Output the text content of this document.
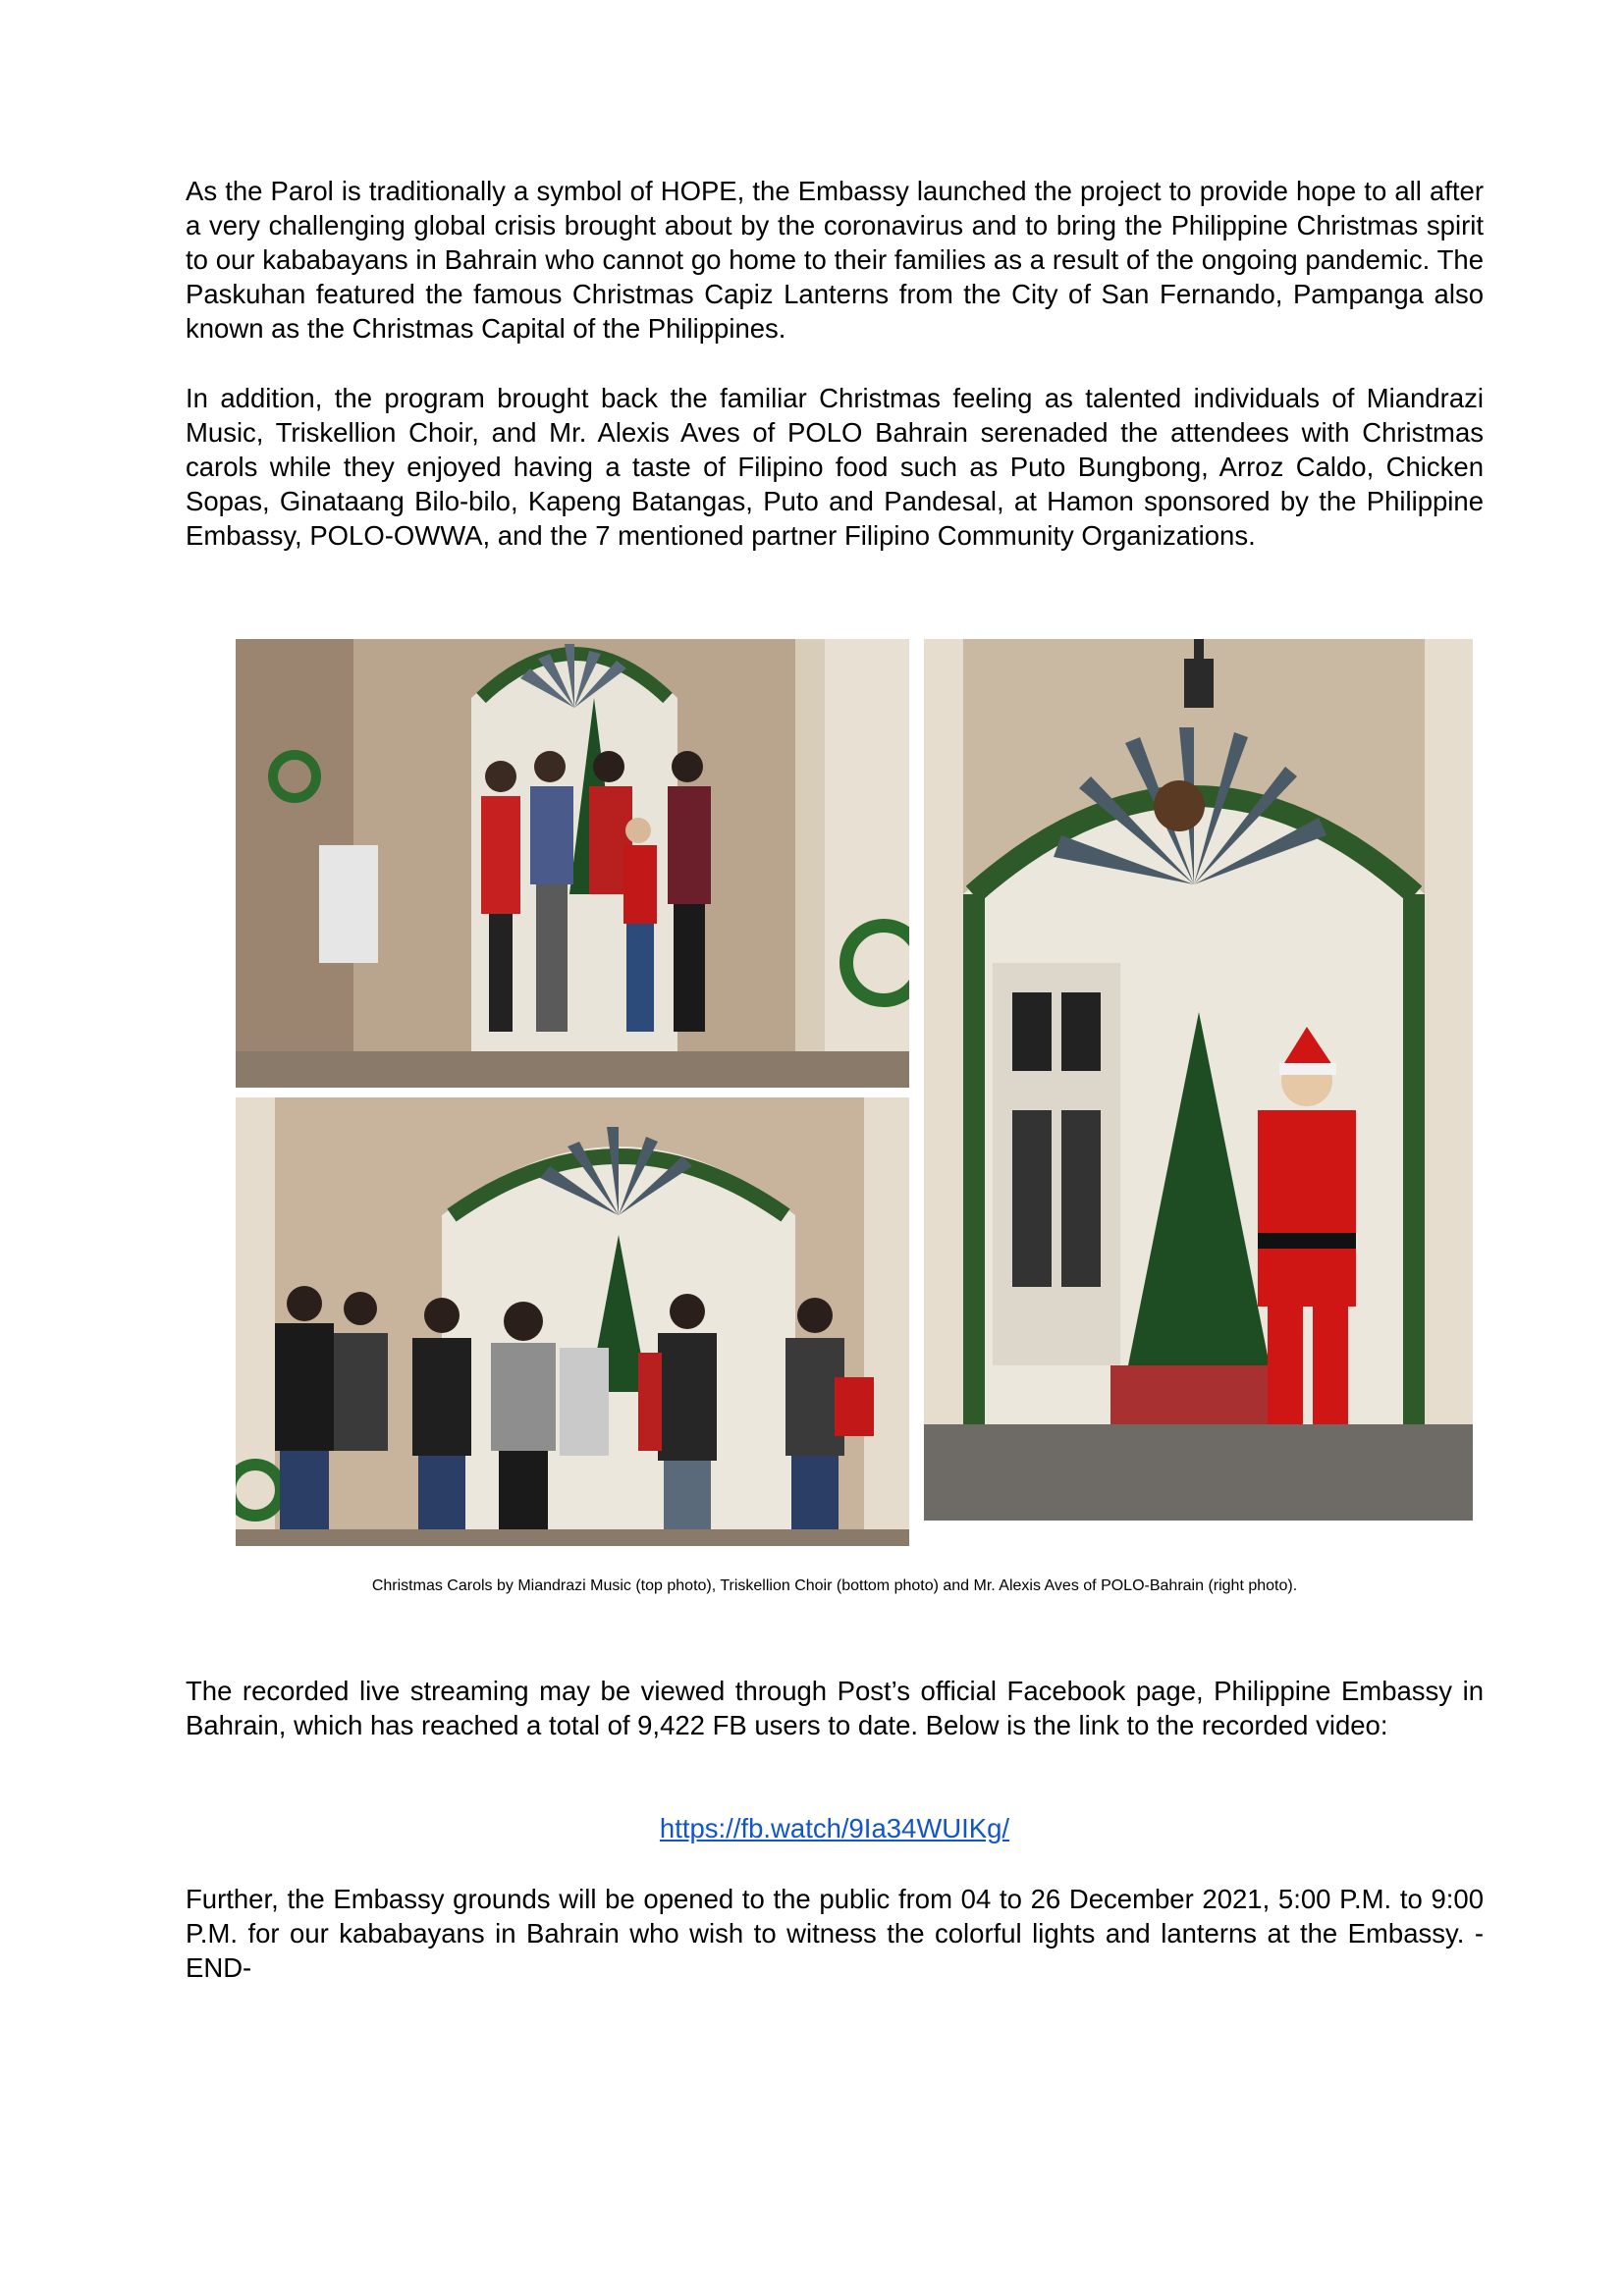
As the Parol is traditionally a symbol of HOPE, the Embassy launched the project to provide hope to all after a very challenging global crisis brought about by the coronavirus and to bring the Philippine Christmas spirit to our kababayans in Bahrain who cannot go home to their families as a result of the ongoing pandemic. The Paskuhan featured the famous Christmas Capiz Lanterns from the City of San Fernando, Pampanga also known as the Christmas Capital of the Philippines.

In addition, the program brought back the familiar Christmas feeling as talented individuals of Miandrazi Music, Triskellion Choir, and Mr. Alexis Aves of POLO Bahrain serenaded the attendees with Christmas carols while they enjoyed having a taste of Filipino food such as Puto Bungbong, Arroz Caldo, Chicken Sopas, Ginataang Bilo-bilo, Kapeng Batangas, Puto and Pandesal, at Hamon sponsored by the Philippine Embassy, POLO-OWWA, and the 7 mentioned partner Filipino Community Organizations.

Christmas Carols by Miandrazi Music (top photo), Triskellion Choir (bottom photo) and Mr. Alexis Aves of POLO-Bahrain (right photo).

The recorded live streaming may be viewed through Post’s official Facebook page, Philippine Embassy in Bahrain, which has reached a total of 9,422 FB users to date. Below is the link to the recorded video:

https://fb.watch/9Ia34WUIKg/

Further, the Embassy grounds will be opened to the public from 04 to 26 December 2021, 5:00 P.M. to 9:00 P.M. for our kababayans in Bahrain who wish to witness the colorful lights and lanterns at the Embassy. -END-
